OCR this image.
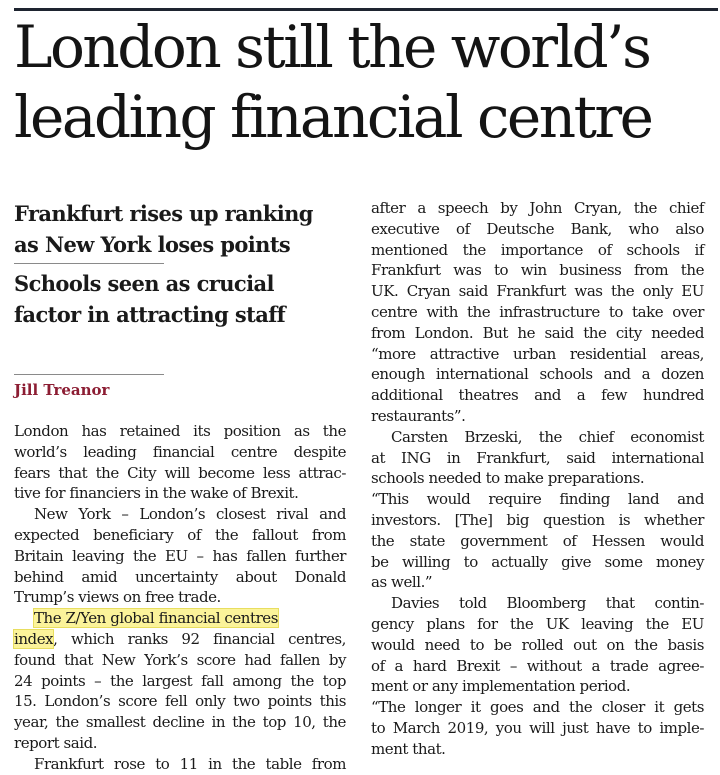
London still the world’s
leading financial centre
Frankfurt rises up ranking
as New York loses points
Schools seen as crucial
factor in attracting staff
Jill Treanor
London has retained its position as the
world’s leading financial centre despite
fears that the City will become less attrac-
tive for financiers in the wake of Brexit.
New York – London’s closest rival and
expected beneficiary of the fallout from
Britain leaving the EU – has fallen further
behind amid uncertainty about Donald
Trump’s views on free trade.
The Z/Yen global financial centres
index, which ranks 92 financial centres,
found that New York’s score had fallen by
24 points – the largest fall among the top
15. London’s score fell only two points this
year, the smallest decline in the top 10, the
report said.
Frankfurt rose to 11 in the table from
after a speech by John Cryan, the chief
executive of Deutsche Bank, who also
mentioned the importance of schools if
Frankfurt was to win business from the
UK. Cryan said Frankfurt was the only EU
centre with the infrastructure to take over
from London. But he said the city needed
“more attractive urban residential areas,
enough international schools and a dozen
additional theatres and a few hundred
restaurants”.
Carsten Brzeski, the chief economist
at ING in Frankfurt, said international
schools needed to make preparations.
“This would require finding land and
investors. [The] big question is whether
the state government of Hessen would
be willing to actually give some money
as well.”
Davies told Bloomberg that contin-
gency plans for the UK leaving the EU
would need to be rolled out on the basis
of a hard Brexit – without a trade agree-
ment or any implementation period.
“The longer it goes and the closer it gets
to March 2019, you will just have to imple-
ment that.
